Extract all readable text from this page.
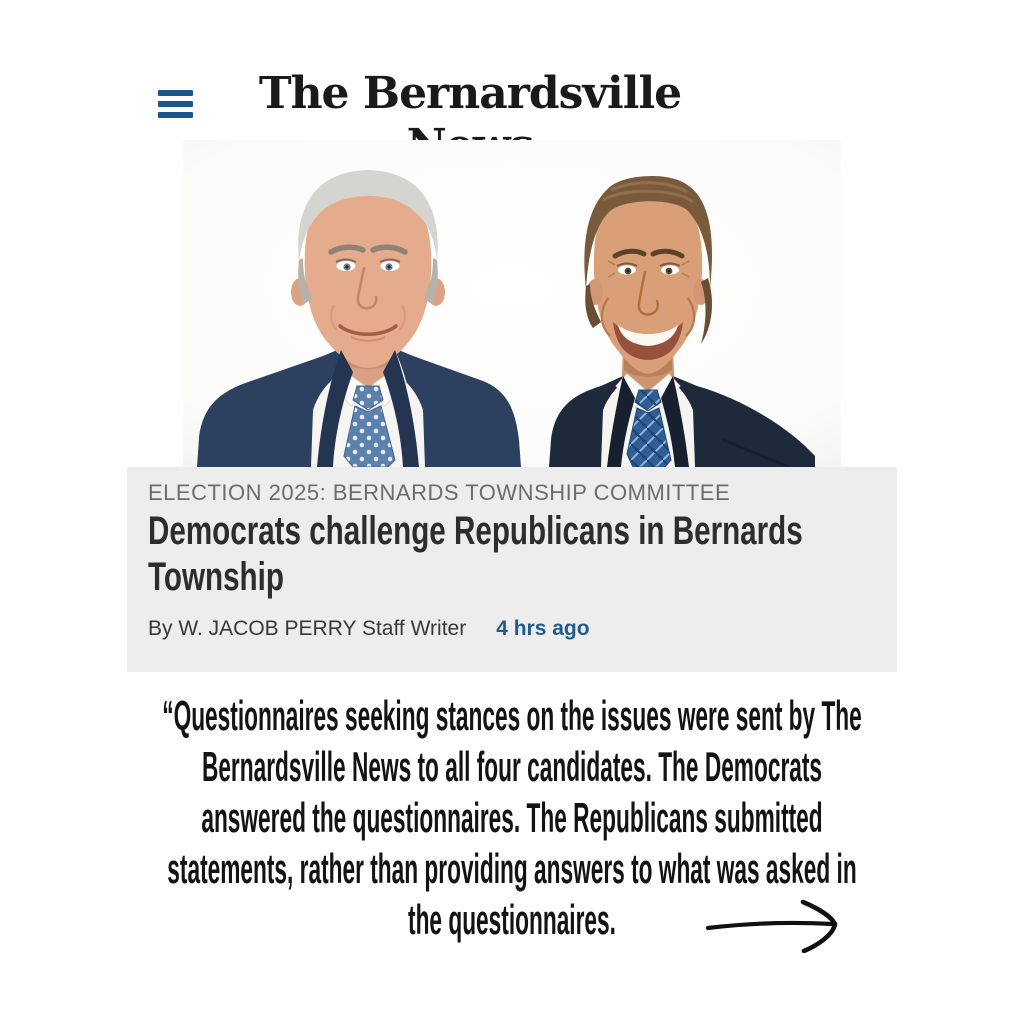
The Bernardsville
ELECTION 2025: BERNARDS TOWNSHIP COMMITTEE
Democrats challenge Republicans in Bernards Township
By W. JACOB PERRY Staff Writer 4 hrs ago
“Questionnaires seeking stances on the issues were sent by The Bernardsville News to all four candidates. The Democrats answered the questionnaires. The Republicans submitted statements, rather than providing answers to what was asked in the questionnaires.
